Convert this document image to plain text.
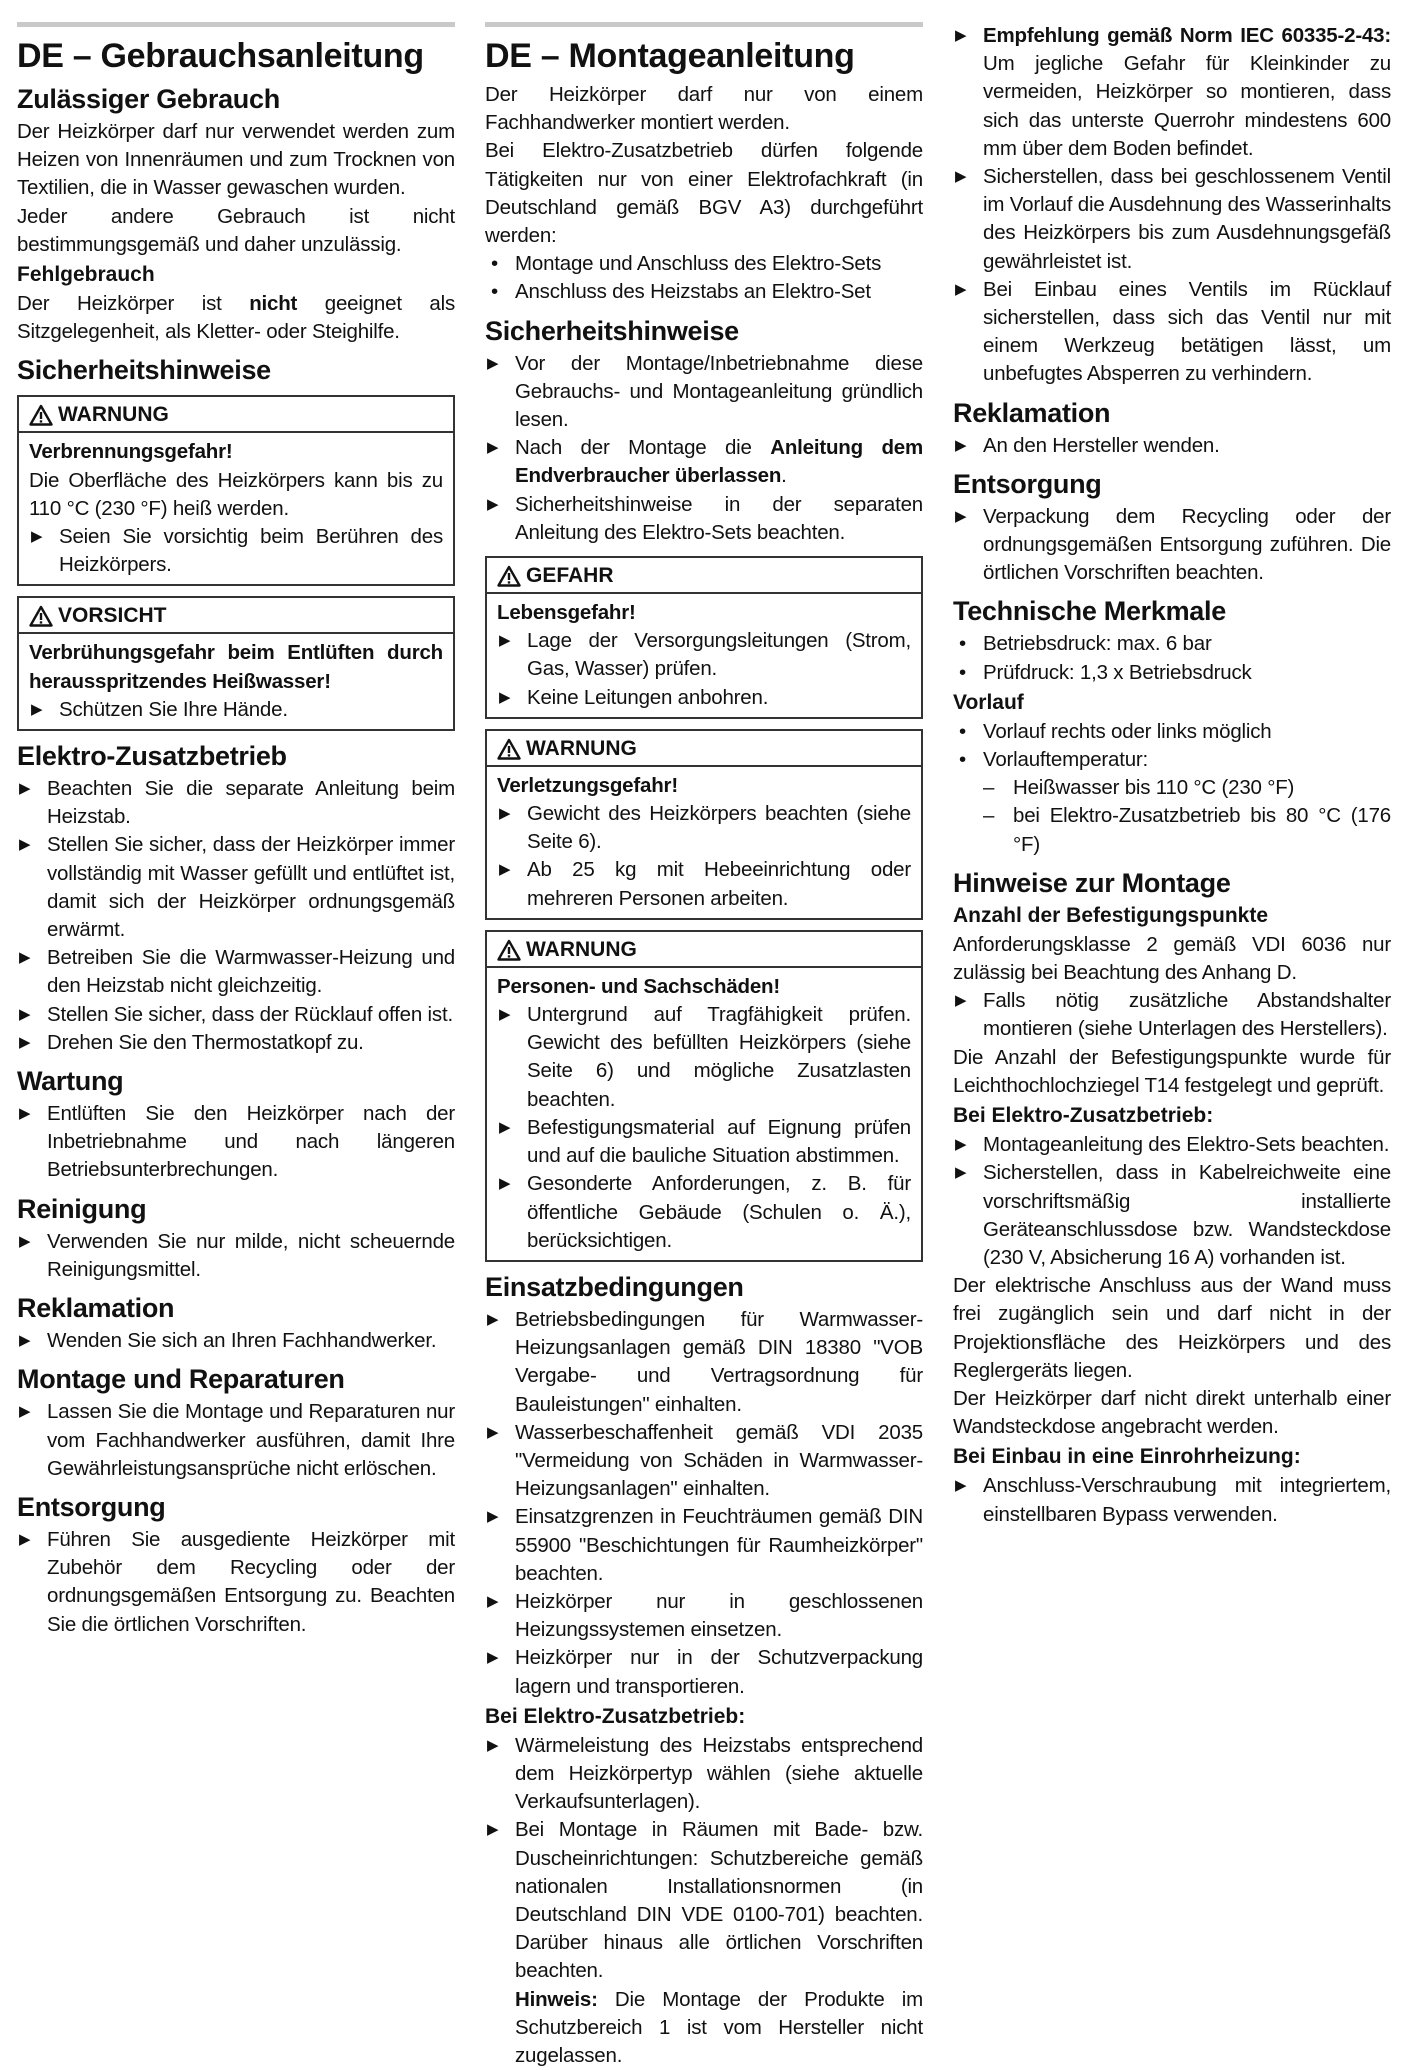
DE – Gebrauchsanleitung
Zulässiger Gebrauch

Der Heizkörper darf nur verwendet werden zum Heizen von Innenräumen und zum Trocknen von Textilien, die in Wasser gewaschen wurden.

Jeder andere Gebrauch ist nicht bestimmungsgemäß und daher unzulässig.

Fehlgebrauch

Der Heizkörper ist nicht geeignet als Sitzgelegenheit, als Kletter- oder Steighilfe.

Sicherheitshinweise
WARNUNG
Verbrennungsgefahr!

Die Oberfläche des Heizkörpers kann bis zu 110 °C (230 °F) heiß werden.

▶ Seien Sie vorsichtig beim Berühren des Heizkörpers.
VORSICHT
Verbrühungsgefahr beim Entlüften durch herausspritzendes Heißwasser!
▶ Schützen Sie Ihre Hände.
Elektro-Zusatzbetrieb
▶ Beachten Sie die separate Anleitung beim Heizstab.
▶ Stellen Sie sicher, dass der Heizkörper immer vollständig mit Wasser gefüllt und entlüftet ist, damit sich der Heizkörper ordnungsgemäß erwärmt.
▶ Betreiben Sie die Warmwasser-Heizung und den Heizstab nicht gleichzeitig.
▶ Stellen Sie sicher, dass der Rücklauf offen ist.
▶ Drehen Sie den Thermostatkopf zu.
Wartung
▶ Entlüften Sie den Heizkörper nach der Inbetriebnahme und nach längeren Betriebsunterbrechungen.
Reinigung
▶ Verwenden Sie nur milde, nicht scheuernde Reinigungsmittel.
Reklamation
▶ Wenden Sie sich an Ihren Fachhandwerker.
Montage und Reparaturen
▶ Lassen Sie die Montage und Reparaturen nur vom Fachhandwerker ausführen, damit Ihre Gewährleistungsansprüche nicht erlöschen.
Entsorgung
▶ Führen Sie ausgediente Heizkörper mit Zubehör dem Recycling oder der ordnungsgemäßen Entsorgung zu. Beachten Sie die örtlichen Vorschriften.
DE – Montageanleitung

Der Heizkörper darf nur von einem Fachhandwerker montiert werden.

Bei Elektro-Zusatzbetrieb dürfen folgende Tätigkeiten nur von einer Elektrofachkraft (in Deutschland gemäß BGV A3) durchgeführt werden:

• Montage und Anschluss des Elektro-Sets
• Anschluss des Heizstabs an Elektro-Set
Sicherheitshinweise
▶ Vor der Montage/Inbetriebnahme diese Gebrauchs- und Montageanleitung gründlich lesen.
▶ Nach der Montage die Anleitung dem Endverbraucher überlassen.
▶ Sicherheitshinweise in der separaten Anleitung des Elektro-Sets beachten.
GEFAHR
Lebensgefahr!
▶ Lage der Versorgungsleitungen (Strom, Gas, Wasser) prüfen.
▶ Keine Leitungen anbohren.
WARNUNG
Verletzungsgefahr!
▶ Gewicht des Heizkörpers beachten (siehe Seite 6).
▶ Ab 25 kg mit Hebeeinrichtung oder mehreren Personen arbeiten.
WARNUNG
Personen- und Sachschäden!
▶ Untergrund auf Tragfähigkeit prüfen. Gewicht des befüllten Heizkörpers (siehe Seite 6) und mögliche Zusatzlasten beachten.
▶ Befestigungsmaterial auf Eignung prüfen und auf die bauliche Situation abstimmen.
▶ Gesonderte Anforderungen, z. B. für öffentliche Gebäude (Schulen o. Ä.), berücksichtigen.
Einsatzbedingungen
▶ Betriebsbedingungen für Warmwasser-Heizungsanlagen gemäß DIN 18380 "VOB Vergabe- und Vertragsordnung für Bauleistungen" einhalten.
▶ Wasserbeschaffenheit gemäß VDI 2035 "Vermeidung von Schäden in Warmwasser-Heizungsanlagen" einhalten.
▶ Einsatzgrenzen in Feuchträumen gemäß DIN 55900 "Beschichtungen für Raumheizkörper" beachten.
▶ Heizkörper nur in geschlossenen Heizungssystemen einsetzen.
▶ Heizkörper nur in der Schutzverpackung lagern und transportieren.
Bei Elektro-Zusatzbetrieb:
▶ Wärmeleistung des Heizstabs entsprechend dem Heizkörpertyp wählen (siehe aktuelle Verkaufsunterlagen).
▶ Bei Montage in Räumen mit Bade- bzw. Duscheinrichtungen: Schutzbereiche gemäß nationalen Installationsnormen (in Deutschland DIN VDE 0100-701) beachten. Darüber hinaus alle örtlichen Vorschriften beachten.
Hinweis: Die Montage der Produkte im Schutzbereich 1 ist vom Hersteller nicht zugelassen.
▶ Empfehlung gemäß Norm IEC 60335-2-43: Um jegliche Gefahr für Kleinkinder zu vermeiden, Heizkörper so montieren, dass sich das unterste Querrohr mindestens 600 mm über dem Boden befindet.
▶ Sicherstellen, dass bei geschlossenem Ventil im Vorlauf die Ausdehnung des Wasserinhalts des Heizkörpers bis zum Ausdehnungsgefäß gewährleistet ist.
▶ Bei Einbau eines Ventils im Rücklauf sicherstellen, dass sich das Ventil nur mit einem Werkzeug betätigen lässt, um unbefugtes Absperren zu verhindern.
Reklamation
▶ An den Hersteller wenden.
Entsorgung
▶ Verpackung dem Recycling oder der ordnungsgemäßen Entsorgung zuführen. Die örtlichen Vorschriften beachten.
Technische Merkmale
• Betriebsdruck: max. 6 bar
• Prüfdruck: 1,3 x Betriebsdruck
Vorlauf
• Vorlauf rechts oder links möglich
• Vorlauftemperatur:
– Heißwasser bis 110 °C (230 °F)
– bei Elektro-Zusatzbetrieb bis 80 °C (176 °F)
Hinweise zur Montage
Anzahl der Befestigungspunkte

Anforderungsklasse 2 gemäß VDI 6036 nur zulässig bei Beachtung des Anhang D.

▶ Falls nötig zusätzliche Abstandshalter montieren (siehe Unterlagen des Herstellers).

Die Anzahl der Befestigungspunkte wurde für Leichthochlochziegel T14 festgelegt und geprüft.

Bei Elektro-Zusatzbetrieb:
▶ Montageanleitung des Elektro-Sets beachten.
▶ Sicherstellen, dass in Kabelreichweite eine vorschriftsmäßig installierte Geräteanschlussdose bzw. Wandsteckdose (230 V, Absicherung 16 A) vorhanden ist.

Der elektrische Anschluss aus der Wand muss frei zugänglich sein und darf nicht in der Projektionsfläche des Heizkörpers und des Reglergeräts liegen.

Der Heizkörper darf nicht direkt unterhalb einer Wandsteckdose angebracht werden.

Bei Einbau in eine Einrohrheizung:
▶ Anschluss-Verschraubung mit integriertem, einstellbaren Bypass verwenden.
